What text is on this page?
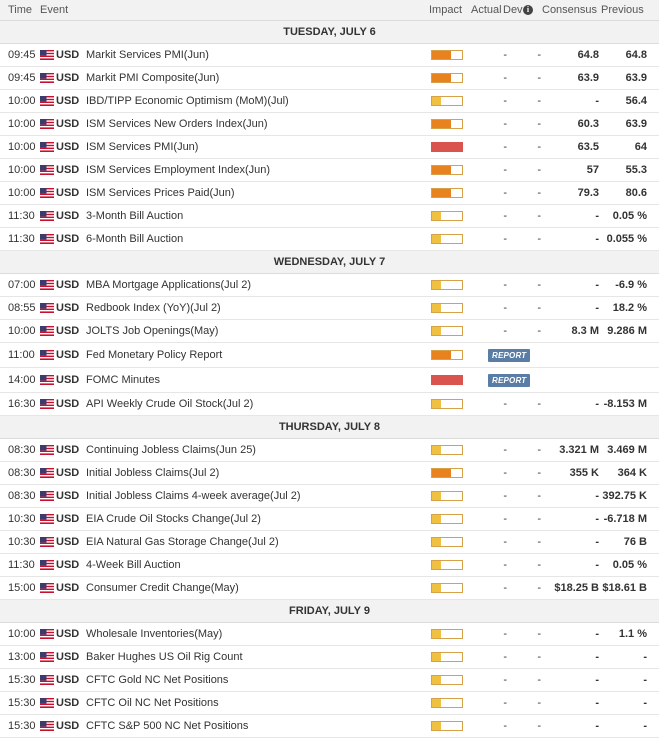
Time Event	Impact Actual Dev i	Consensus Previous
TUESDAY, JULY 6
09:45	USD Markit Services PMI(Jun)	-	-	64.8	64.8
09:45	USD Markit PMI Composite(Jun)	-	-	63.9	63.9
10:00	USD IBD/TIPP Economic Optimism (MoM)(Jul)	-	-	-	56.4
10:00	USD ISM Services New Orders Index(Jun)	-	-	60.3	63.9
10:00	USD ISM Services PMI(Jun)	-	-	63.5	64
10:00	USD ISM Services Employment Index(Jun)	-	-	57	55.3
10:00	USD ISM Services Prices Paid(Jun)	-	-	79.3	80.6
11:30	USD 3-Month Bill Auction	-	-	-	0.05 %
11:30	USD 6-Month Bill Auction	-	-	- 0.055 %
WEDNESDAY, JULY 7
07:00	USD MBA Mortgage Applications(Jul 2)	-	-	-	-6.9 %
08:55	USD Redbook Index (YoY)(Jul 2)	-	-	-	18.2 %
10:00	USD JOLTS Job Openings(May)	-	-	8.3 M 9.286 M
11:00	USD Fed Monetary Policy Report	REPORT
14:00	USD FOMC Minutes	REPORT
16:30	USD API Weekly Crude Oil Stock(Jul 2)	-	-	- -8.153 M
THURSDAY, JULY 8
08:30	USD Continuing Jobless Claims(Jun 25)	-	-	3.321 M 3.469 M
08:30	USD Initial Jobless Claims(Jul 2)	-	-	355 K	364 K
08:30	USD Initial Jobless Claims 4-week average(Jul 2)	-	-	- 392.75 K
10:30	USD EIA Crude Oil Stocks Change(Jul 2)	-	-	- -6.718 M
10:30	USD EIA Natural Gas Storage Change(Jul 2)	-	-	-	76 B
11:30	USD 4-Week Bill Auction	-	-	-	0.05 %
15:00	USD Consumer Credit Change(May)	-	-	$18.25 B $18.61 B
FRIDAY, JULY 9
10:00	USD Wholesale Inventories(May)	-	-	-	1.1 %
13:00	USD Baker Hughes US Oil Rig Count	-	-	-	-
15:30	USD CFTC Gold NC Net Positions	-	-	-	-
15:30	USD CFTC Oil NC Net Positions	-	-	-	-
15:30	USD CFTC S&P 500 NC Net Positions	-	-	-	-
